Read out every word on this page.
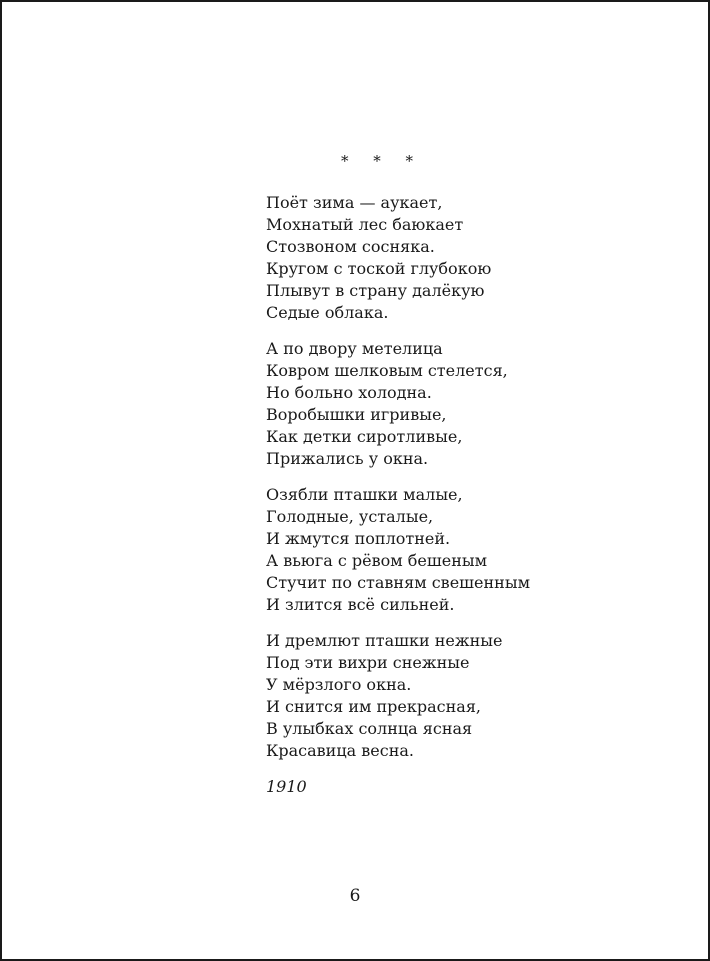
* * *
Поёт зима — аукает,
Мохнатый лес баюкает
Стозвоном сосняка.
Кругом с тоской глубокою
Плывут в страну далёкую
Седые облака.
А по двору метелица
Ковром шелковым стелется,
Но больно холодна.
Воробышки игривые,
Как детки сиротливые,
Прижались у окна.
Озябли пташки малые,
Голодные, усталые,
И жмутся поплотней.
А вьюга с рёвом бешеным
Стучит по ставням свешенным
И злится всё сильней.
И дремлют пташки нежные
Под эти вихри снежные
У мёрзлого окна.
И снится им прекрасная,
В улыбках солнца ясная
Красавица весна.
1910
6
